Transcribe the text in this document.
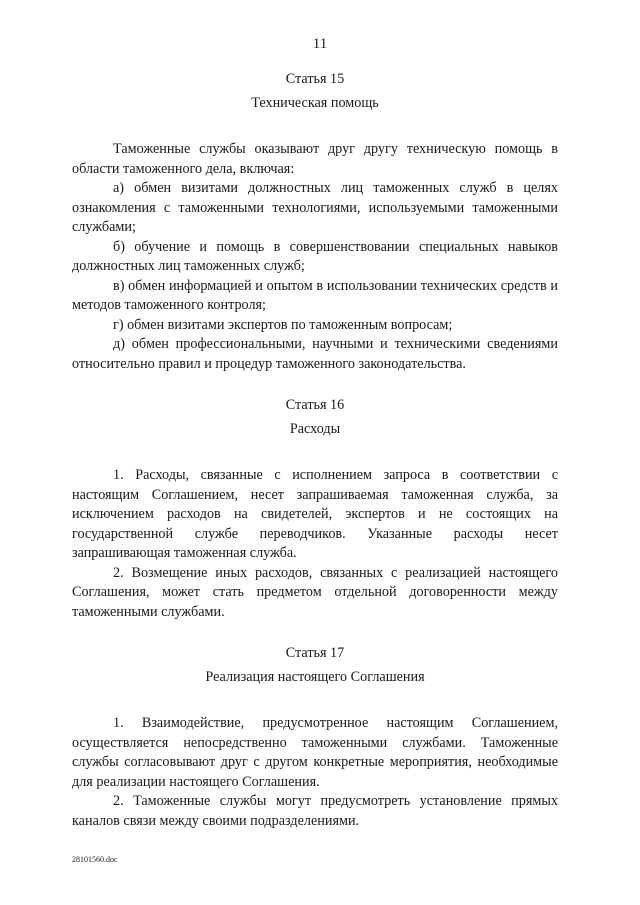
11

Статья 15

Техническая помощь

Таможенные службы оказывают друг другу техническую помощь в области таможенного дела, включая:

а) обмен визитами должностных лиц таможенных служб в целях ознакомления с таможенными технологиями, используемыми таможенными службами;

б) обучение и помощь в совершенствовании специальных навыков должностных лиц таможенных служб;

в) обмен информацией и опытом в использовании технических средств и методов таможенного контроля;

г) обмен визитами экспертов по таможенным вопросам;

д) обмен профессиональными, научными и техническими сведениями относительно правил и процедур таможенного законодательства.

Статья 16

Расходы

1. Расходы, связанные с исполнением запроса в соответствии с настоящим Соглашением, несет запрашиваемая таможенная служба, за исключением расходов на свидетелей, экспертов и не состоящих на государственной службе переводчиков. Указанные расходы несет запрашивающая таможенная служба.

2. Возмещение иных расходов, связанных с реализацией настоящего Соглашения, может стать предметом отдельной договоренности между таможенными службами.

Статья 17

Реализация настоящего Соглашения

1. Взаимодействие, предусмотренное настоящим Соглашением, осуществляется непосредственно таможенными службами. Таможенные службы согласовывают друг с другом конкретные мероприятия, необходимые для реализации настоящего Соглашения.

2. Таможенные службы могут предусмотреть установление прямых каналов связи между своими подразделениями.

28101560.doc
